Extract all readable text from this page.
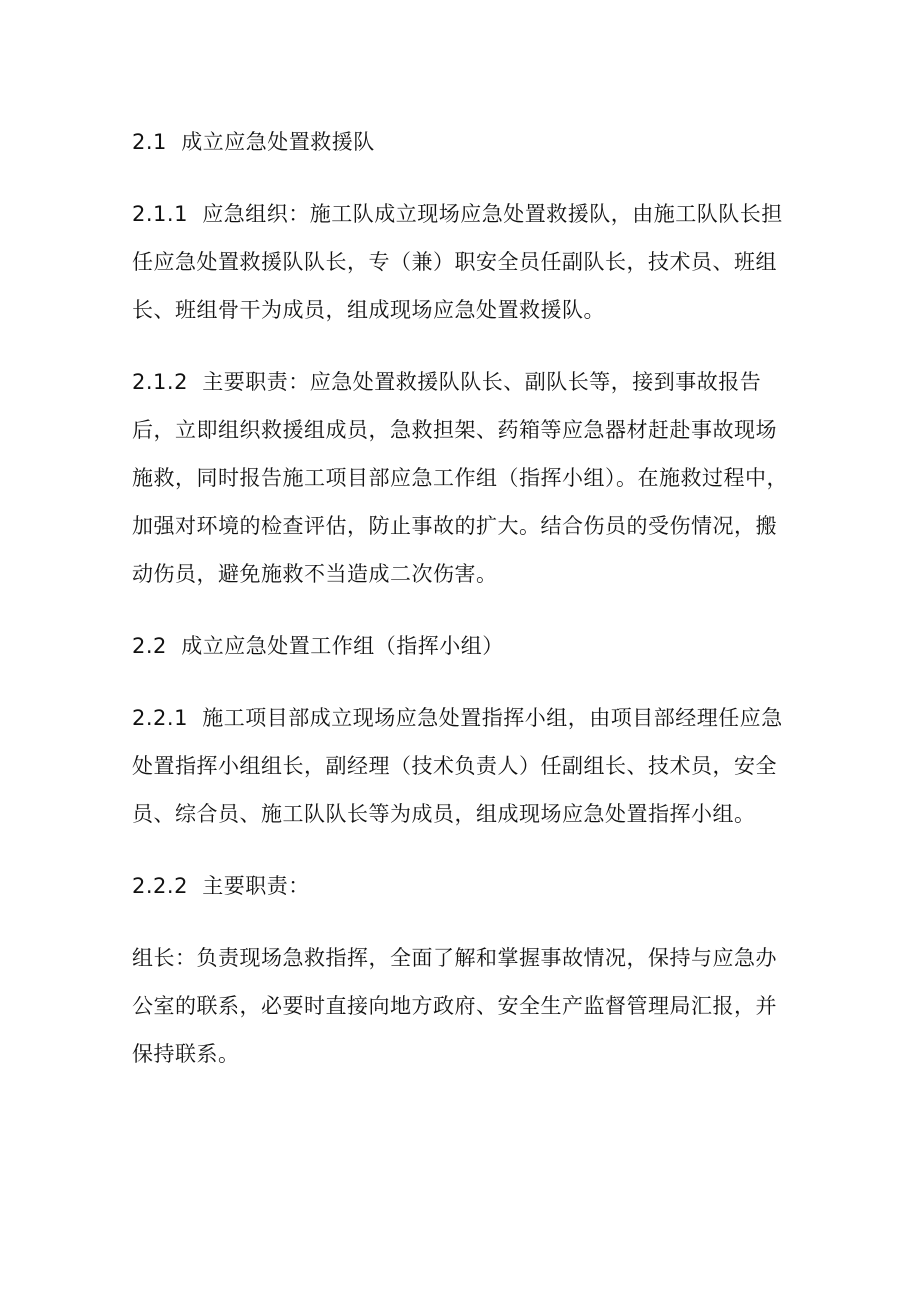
2.1  成立应急处置救援队
2.1.1  应急组织：施工队成立现场应急处置救援队，由施工队队长担任应急处置救援队队长，专（兼）职安全员任副队长，技术员、班组长、班组骨干为成员，组成现场应急处置救援队。
2.1.2  主要职责：应急处置救援队队长、副队长等，接到事故报告后，立即组织救援组成员，急救担架、药箱等应急器材赶赴事故现场施救，同时报告施工项目部应急工作组（指挥小组）。在施救过程中，加强对环境的检查评估，防止事故的扩大。结合伤员的受伤情况，搬动伤员，避免施救不当造成二次伤害。
2.2  成立应急处置工作组（指挥小组）
2.2.1  施工项目部成立现场应急处置指挥小组，由项目部经理任应急处置指挥小组组长，副经理（技术负责人）任副组长、技术员，安全员、综合员、施工队队长等为成员，组成现场应急处置指挥小组。
2.2.2  主要职责：
组长：负责现场急救指挥，全面了解和掌握事故情况，保持与应急办公室的联系，必要时直接向地方政府、安全生产监督管理局汇报，并保持联系。
